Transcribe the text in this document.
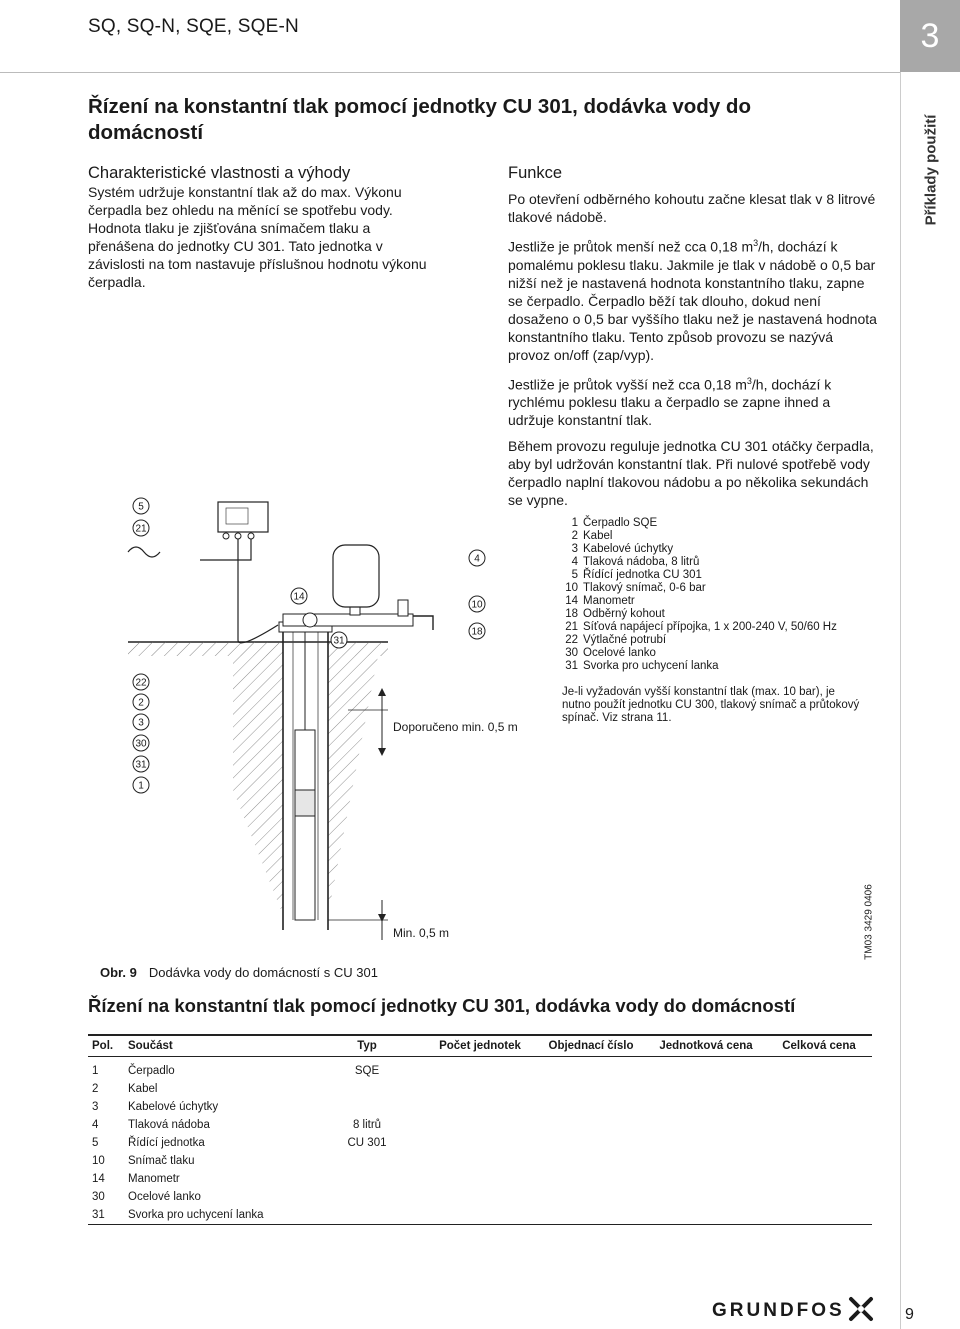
SQ, SQ-N, SQE, SQE-N	3
Příklady použití
Řízení na konstantní tlak pomocí jednotky CU 301, dodávka vody do domácností
Charakteristické vlastnosti a výhody

Systém udržuje konstantní tlak až do max. Výkonu čerpadla bez ohledu na měnící se spotřebu vody.

Hodnota tlaku je zjišťována snímačem tlaku a přenášena do jednotky CU 301. Tato jednotka v závislosti na tom nastavuje příslušnou hodnotu výkonu čerpadla.

Funkce

Po otevření odběrného kohoutu začne klesat tlak v 8 litrové tlakové nádobě.

Jestliže je průtok menší než cca 0,18 $m^3/h$, dochází k pomalému poklesu tlaku. Jakmile je tlak v nádobě o 0,5 bar nižší než je nastavená hodnota konstantního tlaku, zapne se čerpadlo. Čerpadlo běží tak dlouho, dokud není dosaženo o 0,5 bar vyššího tlaku než je nastavená hodnota konstantního tlaku. Tento způsob provozu se nazývá provoz on/off (zap/vyp).

Jestliže je průtok vyšší než cca 0,18 $m^3/h$, dochází k rychlému poklesu tlaku a čerpadlo se zapne ihned a udržuje konstantní tlak.

Během provozu reguluje jednotka CU 301 otáčky čerpadla, aby byl udržován konstantní tlak. Při nulové spotřebě vody čerpadlo naplní tlakovou nádobu a po několika sekundách se vypne.

5
21
22
2
3
30
31
1
4
10
18
14
31
Doporučeno min. 0,5 m
Min. 0,5 m
1 Čerpadlo SQE
2 Kabel
3 Kabelové úchytky
4 Tlaková nádoba, 8 litrů
5 Řídící jednotka CU 301
10 Tlakový snímač, 0-6 bar
14 Manometr
18 Odběrný kohout
21 Síťová napájecí přípojka, 1 x 200-240 V, 50/60 Hz
22 Výtlačné potrubí
30 Ocelové lanko
31 Svorka pro uchycení lanka
Je-li vyžadován vyšší konstantní tlak (max. 10 bar), je nutno použít jednotku CU 300, tlakový snímač a průtokový spínač. Viz strana 11.
TM03 3429 0406
Obr. 9 Dodávka vody do domácností s CU 301
Řízení na konstantní tlak pomocí jednotky CU 301, dodávka vody do domácností
Pol.	Součást	Typ	Počet jednotek	Objednací číslo	Jednotková cena	Celková cena
1	Čerpadlo	SQE				
2	Kabel					
3	Kabelové úchytky					
4	Tlaková nádoba	8 litrů				
5	Řídící jednotka	CU 301				
10	Snímač tlaku					
14	Manometr					
30	Ocelové lanko					
31	Svorka pro uchycení lanka					
GRUNDFOS	9
